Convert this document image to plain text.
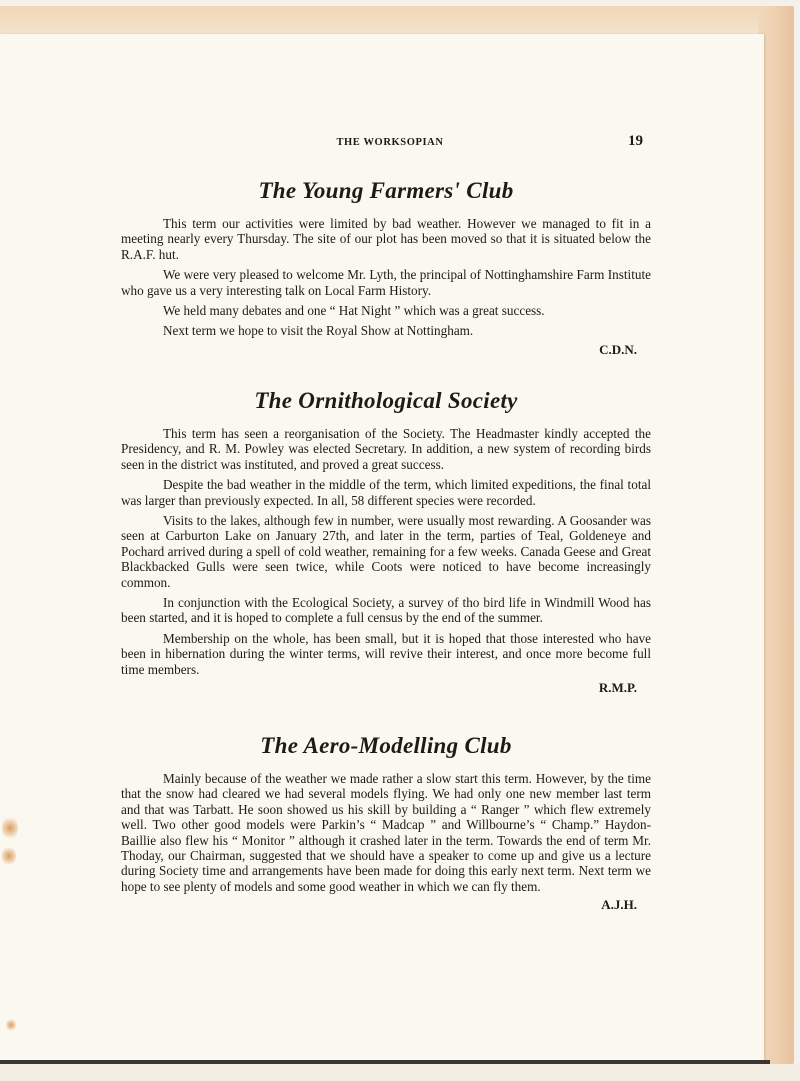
THE WORKSOPIAN	19
The Young Farmers' Club

This term our activities were limited by bad weather. However we managed to fit in a meeting nearly every Thursday. The site of our plot has been moved so that it is situated below the R.A.F. hut.

We were very pleased to welcome Mr. Lyth, the principal of Nottinghamshire Farm Institute who gave us a very interesting talk on Local Farm History.

We held many debates and one “ Hat Night ” which was a great success.

Next term we hope to visit the Royal Show at Nottingham.

C.D.N.
The Ornithological Society

This term has seen a reorganisation of the Society. The Headmaster kindly accepted the Presidency, and R. M. Powley was elected Secretary. In addition, a new system of recording birds seen in the district was instituted, and proved a great success.

Despite the bad weather in the middle of the term, which limited expeditions, the final total was larger than previously expected. In all, 58 different species were recorded.

Visits to the lakes, although few in number, were usually most rewarding. A Goosander was seen at Carburton Lake on January 27th, and later in the term, parties of Teal, Goldeneye and Pochard arrived during a spell of cold weather, remaining for a few weeks. Canada Geese and Great Blackbacked Gulls were seen twice, while Coots were noticed to have become increasingly common.

In conjunction with the Ecological Society, a survey of tho bird life in Windmill Wood has been started, and it is hoped to complete a full census by the end of the summer.

Membership on the whole, has been small, but it is hoped that those interested who have been in hibernation during the winter terms, will revive their interest, and once more become full time members.

R.M.P.
The Aero-Modelling Club

Mainly because of the weather we made rather a slow start this term. However, by the time that the snow had cleared we had several models flying. We had only one new member last term and that was Tarbatt. He soon showed us his skill by building a “ Ranger ” which flew extremely well. Two other good models were Parkin’s “ Madcap ” and Willbourne’s “ Champ.” Haydon-Baillie also flew his “ Monitor ” although it crashed later in the term. Towards the end of term Mr. Thoday, our Chairman, suggested that we should have a speaker to come up and give us a lecture during Society time and arrangements have been made for doing this early next term. Next term we hope to see plenty of models and some good weather in which we can fly them.

A.J.H.
